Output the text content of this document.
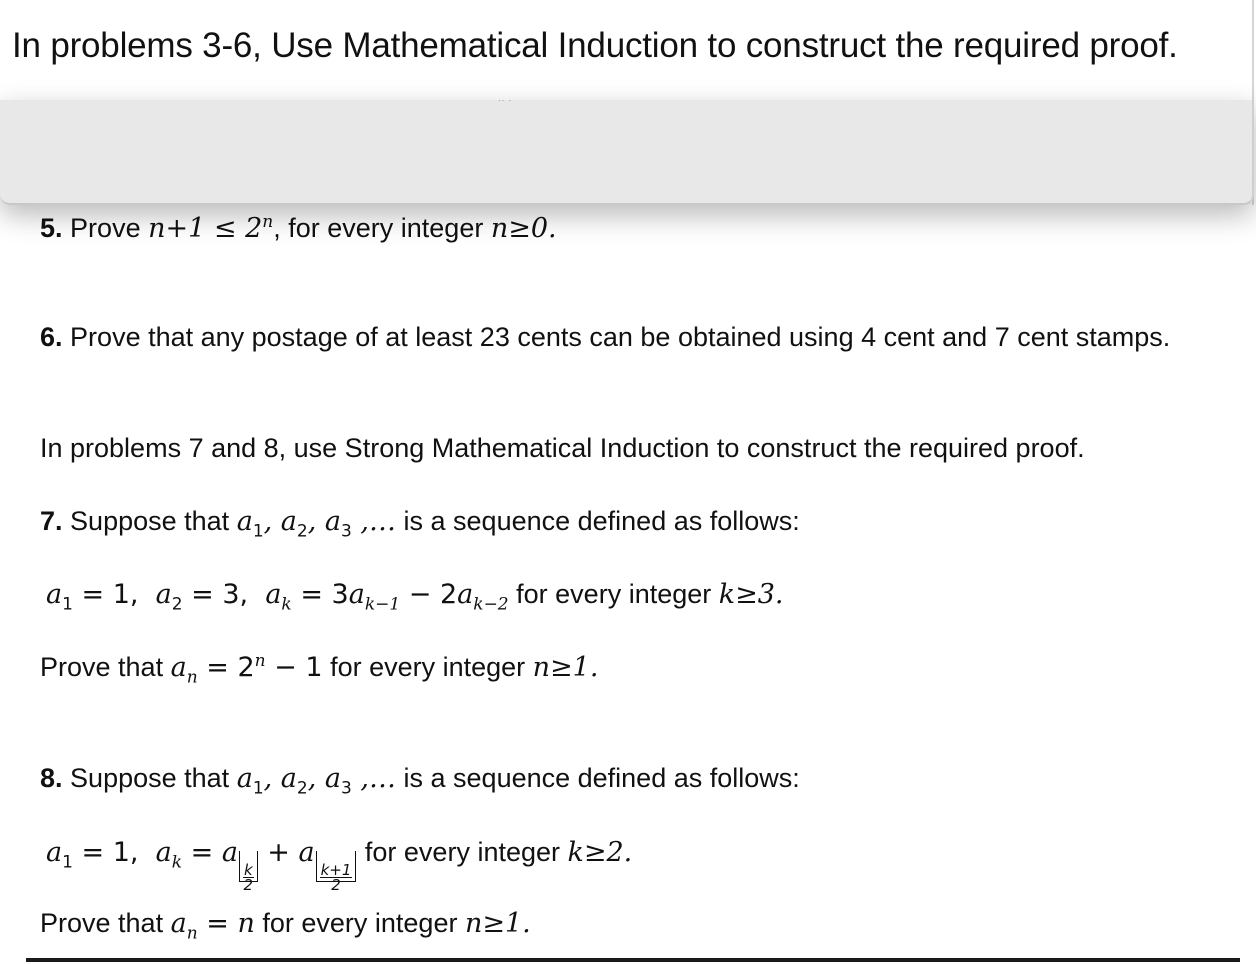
In problems 3-6, Use Mathematical Induction to construct the required proof.
·· ·
5. Prove $n+1 \le 2^n$, for every integer n≥0.
6. Prove that any postage of at least 23 cents can be obtained using 4 cent and 7 cent stamps.
In problems 7 and 8, use Strong Mathematical Induction to construct the required proof.
7. Suppose that $a_1$, $a_2$, $a_3$ ,… is a sequence defined as follows:
$a_1 = 1$,  $a_2 = 3$,  $a_k = 3a_{k-1} - 2a_{k-2}$ for every integer k≥3.
Prove that $a_n = 2^n - 1$ for every integer n≥1.
8. Suppose that $a_1$, $a_2$, $a_3$ ,… is a sequence defined as follows:
$a_1 = 1$,  $a_k = a$
$\frac{k}{2}$
+ a
$\frac{k+1}{2}$
for every integer k≥2.
Prove that $a_n = n$ for every integer n≥1.
